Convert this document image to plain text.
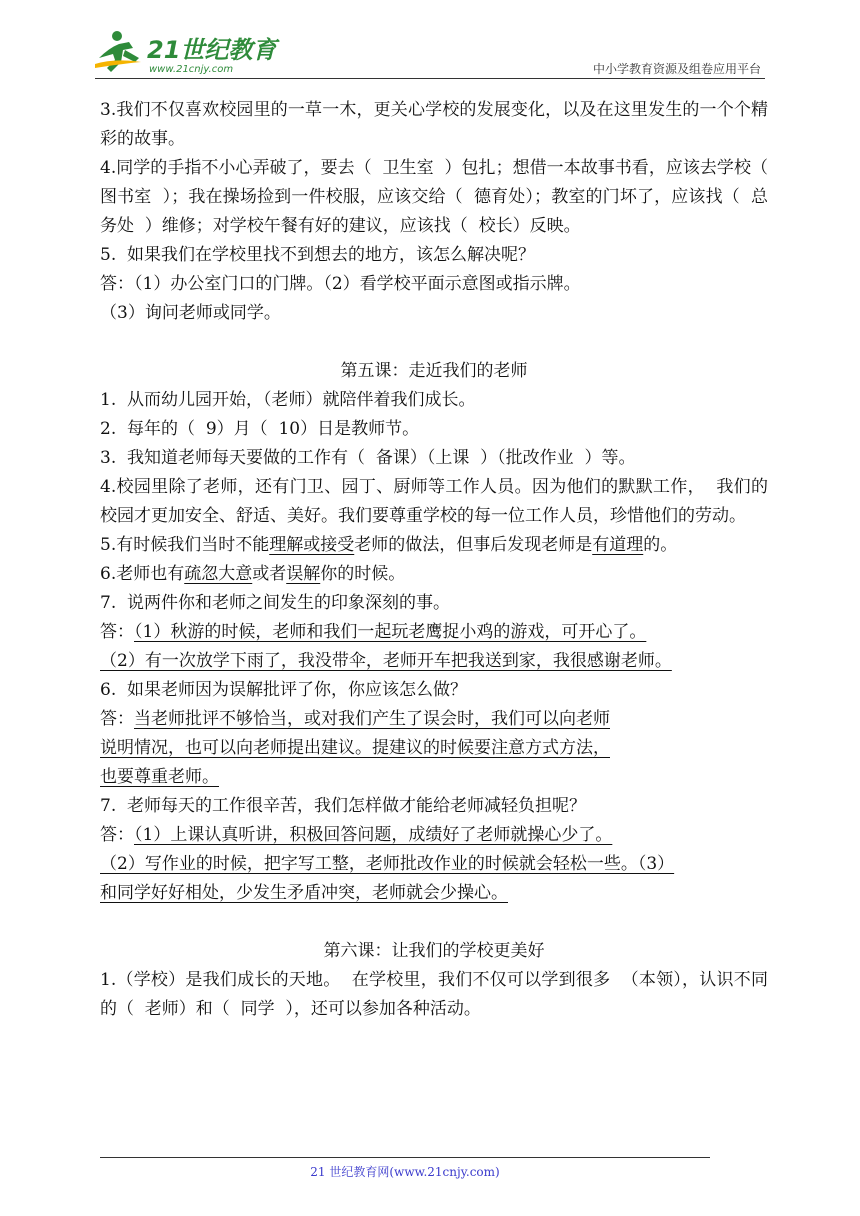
21世纪教育
www.21cnjy.com	中小学教育资源及组卷应用平台
3.我们不仅喜欢校园里的一草一木，更关心学校的发展变化，以及在这里发生的一个个精彩的故事。
4.同学的手指不小心弄破了，要去（  卫生室  ）包扎；想借一本故事书看，应该去学校（  图书室  ）；我在操场捡到一件校服，应该交给（  德育处）；教室的门坏了，应该找（  总务处  ）维修；对学校午餐有好的建议，应该找（  校长）反映。
5.  如果我们在学校里找不到想去的地方，该怎么解决呢？
答：（1）办公室门口的门牌。（2）看学校平面示意图或指示牌。
（3）询问老师或同学。
第五课：走近我们的老师
1.  从而幼儿园开始，（老师）就陪伴着我们成长。
2.  每年的（  9）月（  10）日是教师节。
3.  我知道老师每天要做的工作有（  备课）（上课  ）（批改作业  ）等。
4.校园里除了老师，还有门卫、园丁、厨师等工作人员。因为他们的默默工作，  我们的校园才更加安全、舒适、美好。我们要尊重学校的每一位工作人员，珍惜他们的劳动。
5.有时候我们当时不能理解或接受老师的做法，但事后发现老师是有道理的。
6.老师也有疏忽大意或者误解你的时候。
7.  说两件你和老师之间发生的印象深刻的事。
答：（1）秋游的时候，老师和我们一起玩老鹰捉小鸡的游戏，可开心了。
（2）有一次放学下雨了，我没带伞，老师开车把我送到家，我很感谢老师。
6.  如果老师因为误解批评了你，你应该怎么做？
答：当老师批评不够恰当，或对我们产生了误会时，我们可以向老师
说明情况，也可以向老师提出建议。提建议的时候要注意方式方法，
也要尊重老师。
7.  老师每天的工作很辛苦，我们怎样做才能给老师减轻负担呢？
答：（1）上课认真听讲，积极回答问题，成绩好了老师就操心少了。
（2）写作业的时候，把字写工整，老师批改作业的时候就会轻松一些。（3）
和同学好好相处，少发生矛盾冲突，老师就会少操心。
第六课：让我们的学校更美好
1.（学校）是我们成长的天地。  在学校里，我们不仅可以学到很多  （本领），认识不同的（  老师）和（  同学  ），还可以参加各种活动。
21 世纪教育网(www.21cnjy.com)
